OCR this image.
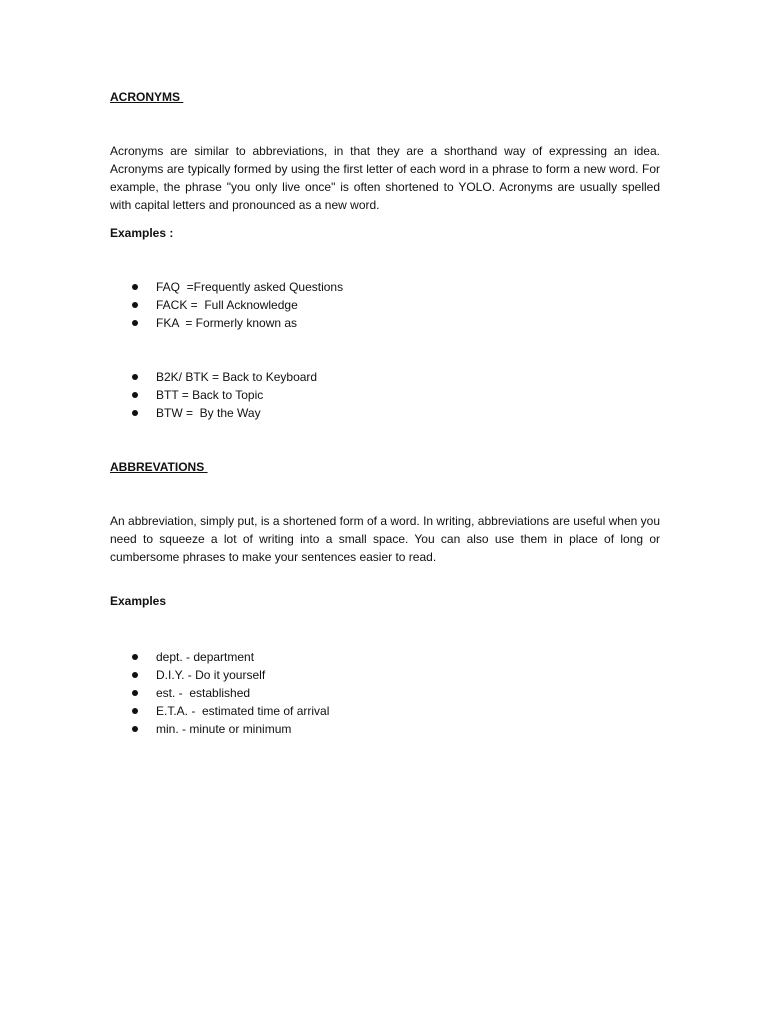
ACRONYMS

Acronyms are similar to abbreviations, in that they are a shorthand way of expressing an idea. Acronyms are typically formed by using the first letter of each word in a phrase to form a new word. For example, the phrase "you only live once" is often shortened to YOLO. Acronyms are usually spelled with capital letters and pronounced as a new word.

Examples :

FAQ  =Frequently asked Questions
FACK =  Full Acknowledge
FKA  = Formerly known as
B2K/ BTK = Back to Keyboard
BTT = Back to Topic
BTW =  By the Way

ABBREVATIONS

An abbreviation, simply put, is a shortened form of a word. In writing, abbreviations are useful when you need to squeeze a lot of writing into a small space. You can also use them in place of long or cumbersome phrases to make your sentences easier to read.

Examples

dept. - department
D.I.Y. - Do it yourself
est. -  established
E.T.A. -  estimated time of arrival
min. - minute or minimum
